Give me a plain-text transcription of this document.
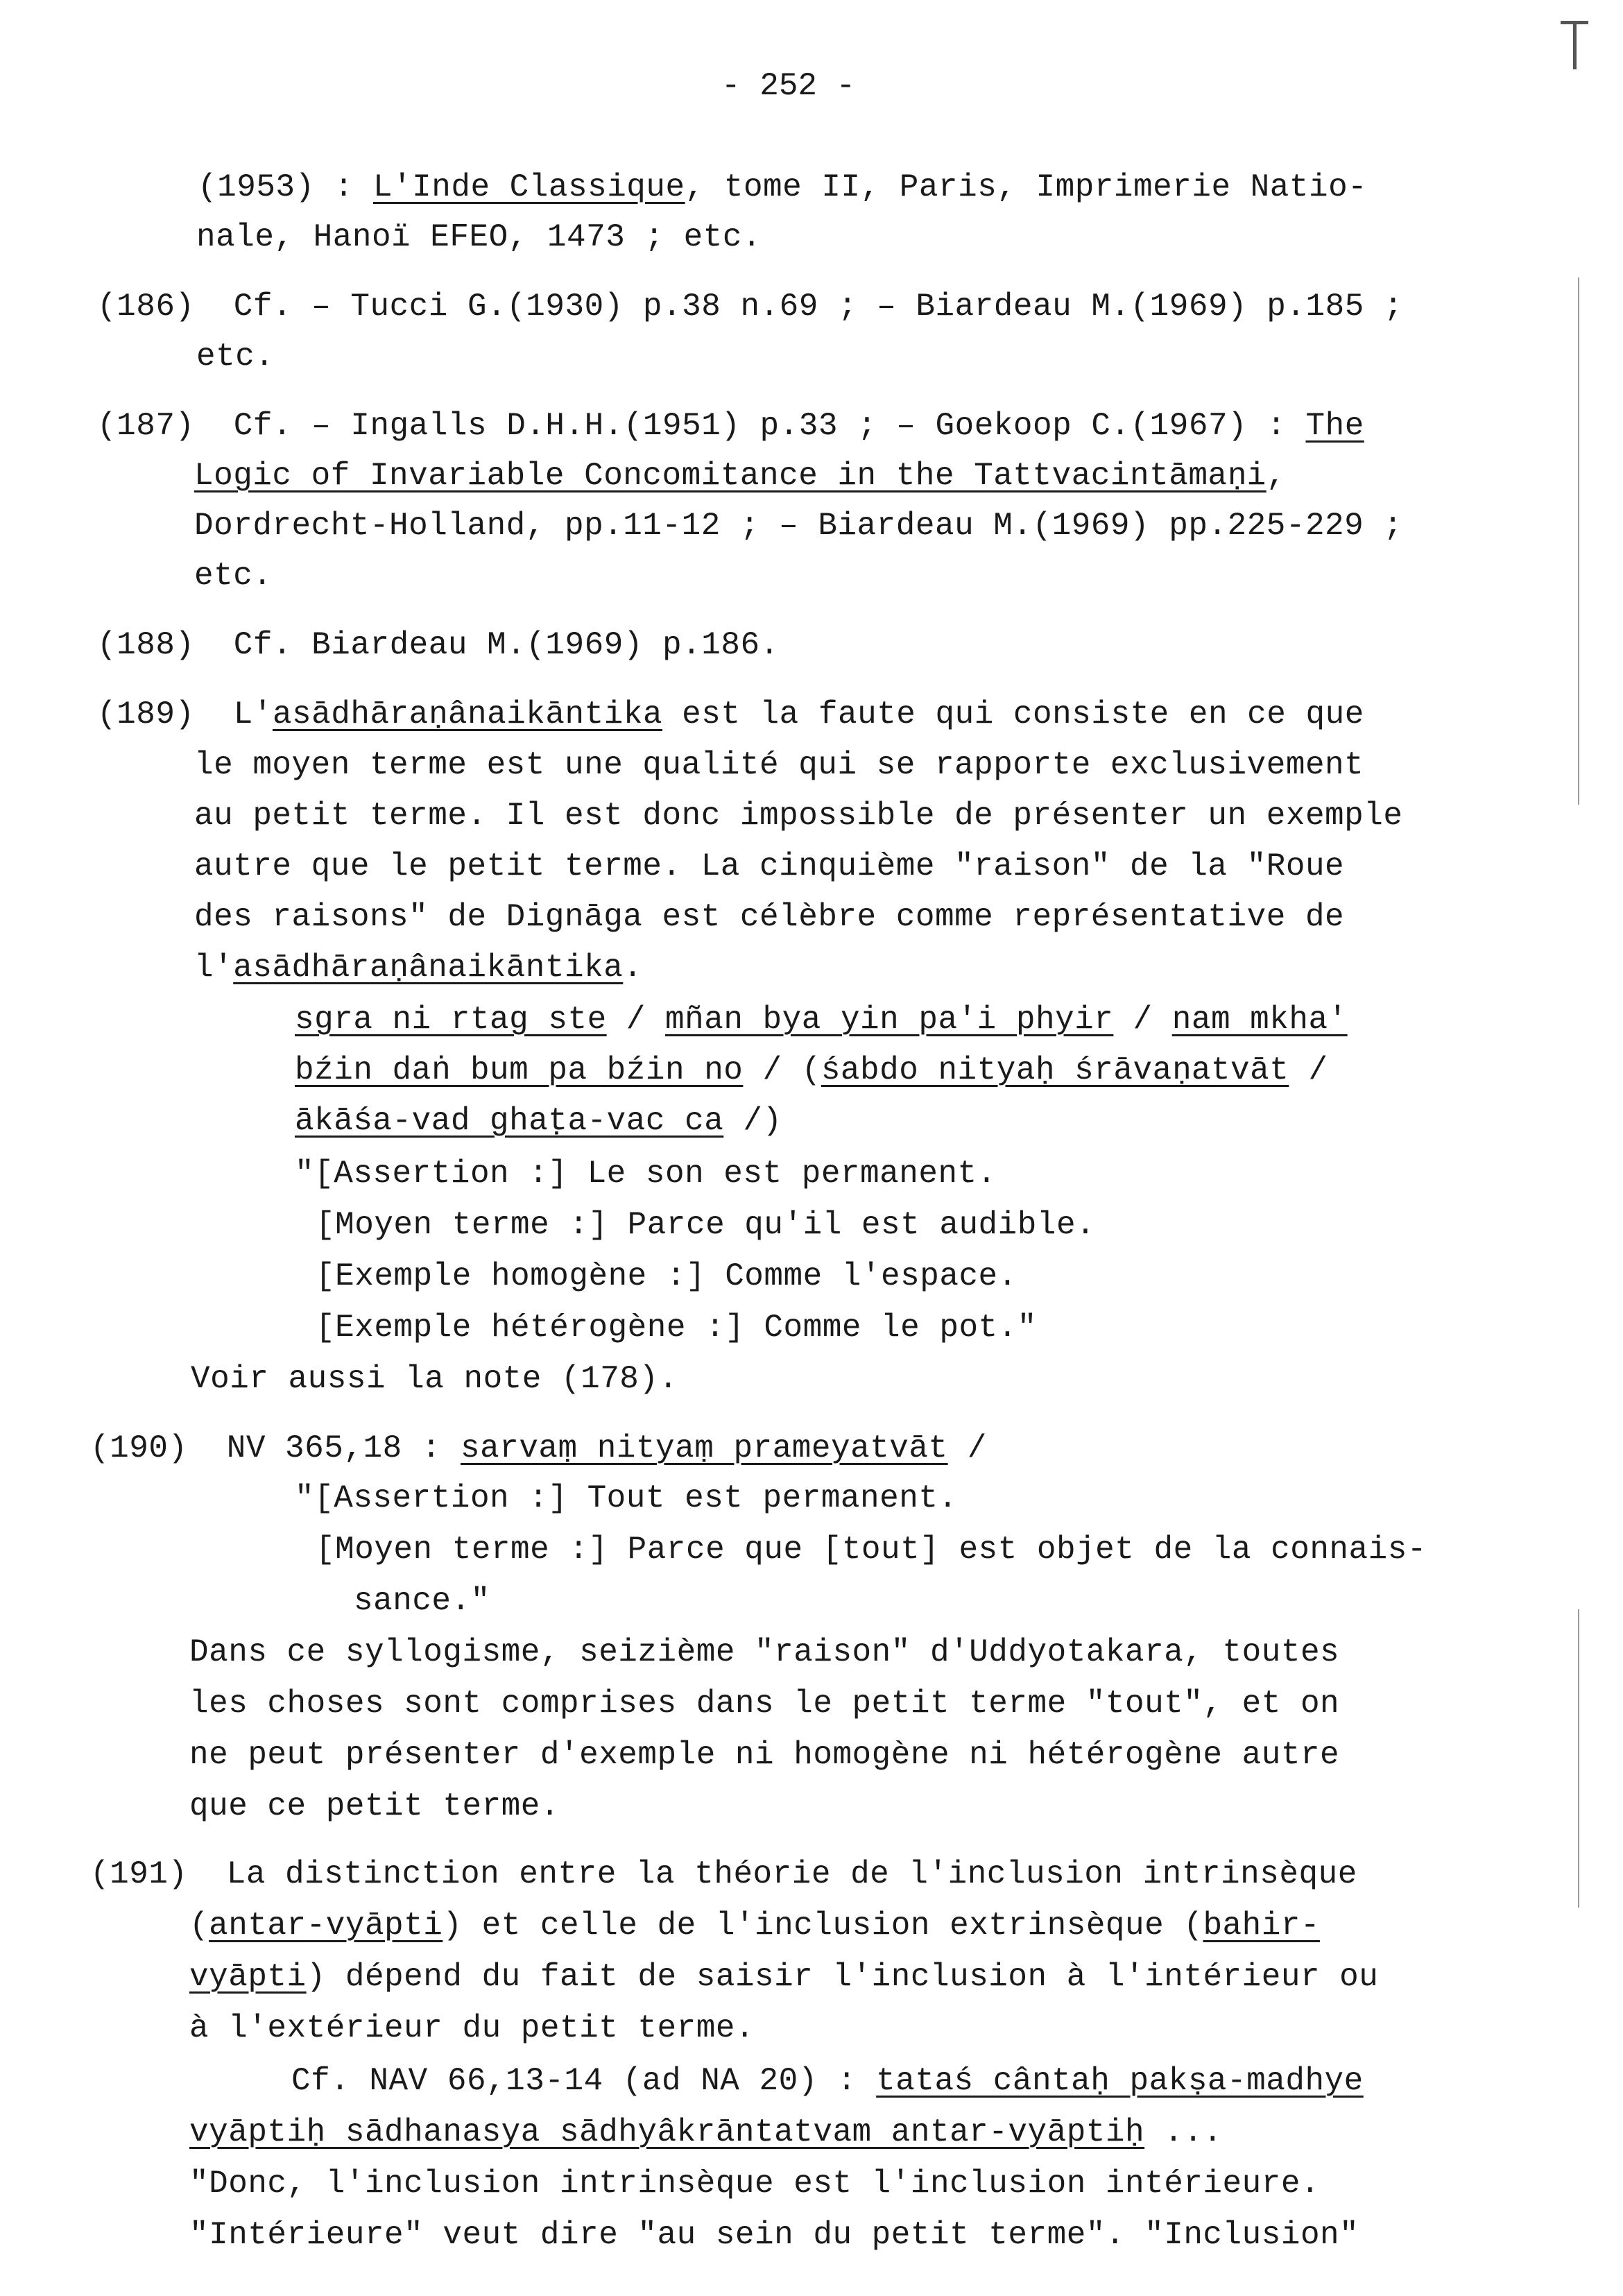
- 252 -
(1953) : L'Inde Classique, tome II, Paris, Imprimerie Natio-
nale, Hanoï EFEO, 1473 ; etc.
(186)  Cf. – Tucci G.(1930) p.38 n.69 ; – Biardeau M.(1969) p.185 ;
etc.
(187)  Cf. – Ingalls D.H.H.(1951) p.33 ; – Goekoop C.(1967) : The
Logic of Invariable Concomitance in the Tattvacintāmaṇi,
Dordrecht-Holland, pp.11-12 ; – Biardeau M.(1969) pp.225-229 ;
etc.
(188)  Cf. Biardeau M.(1969) p.186.
(189)  L'asādhāraṇânaikāntika est la faute qui consiste en ce que
le moyen terme est une qualité qui se rapporte exclusivement
au petit terme. Il est donc impossible de présenter un exemple
autre que le petit terme. La cinquième "raison" de la "Roue
des raisons" de Dignāga est célèbre comme représentative de
l'asādhāraṇânaikāntika.
sgra ni rtag ste / mñan bya yin pa'i phyir / nam mkha'
bźin daṅ bum pa bźin no / (śabdo nityaḥ śrāvaṇatvāt /
ākāśa-vad ghaṭa-vac ca /)
"[Assertion :] Le son est permanent.
[Moyen terme :] Parce qu'il est audible.
[Exemple homogène :] Comme l'espace.
[Exemple hétérogène :] Comme le pot."
Voir aussi la note (178).
(190)  NV 365,18 : sarvaṃ nityaṃ prameyatvāt /
"[Assertion :] Tout est permanent.
[Moyen terme :] Parce que [tout] est objet de la connais-
sance."
Dans ce syllogisme, seizième "raison" d'Uddyotakara, toutes
les choses sont comprises dans le petit terme "tout", et on
ne peut présenter d'exemple ni homogène ni hétérogène autre
que ce petit terme.
(191)  La distinction entre la théorie de l'inclusion intrinsèque
(antar-vyāpti) et celle de l'inclusion extrinsèque (bahir-
vyāpti) dépend du fait de saisir l'inclusion à l'intérieur ou
à l'extérieur du petit terme.
Cf. NAV 66,13-14 (ad NA 20) : tataś cântaḥ pakṣa-madhye
vyāptiḥ sādhanasya sādhyâkrāntatvam antar-vyāptiḥ ...
"Donc, l'inclusion intrinsèque est l'inclusion intérieure.
"Intérieure" veut dire "au sein du petit terme". "Inclusion"
